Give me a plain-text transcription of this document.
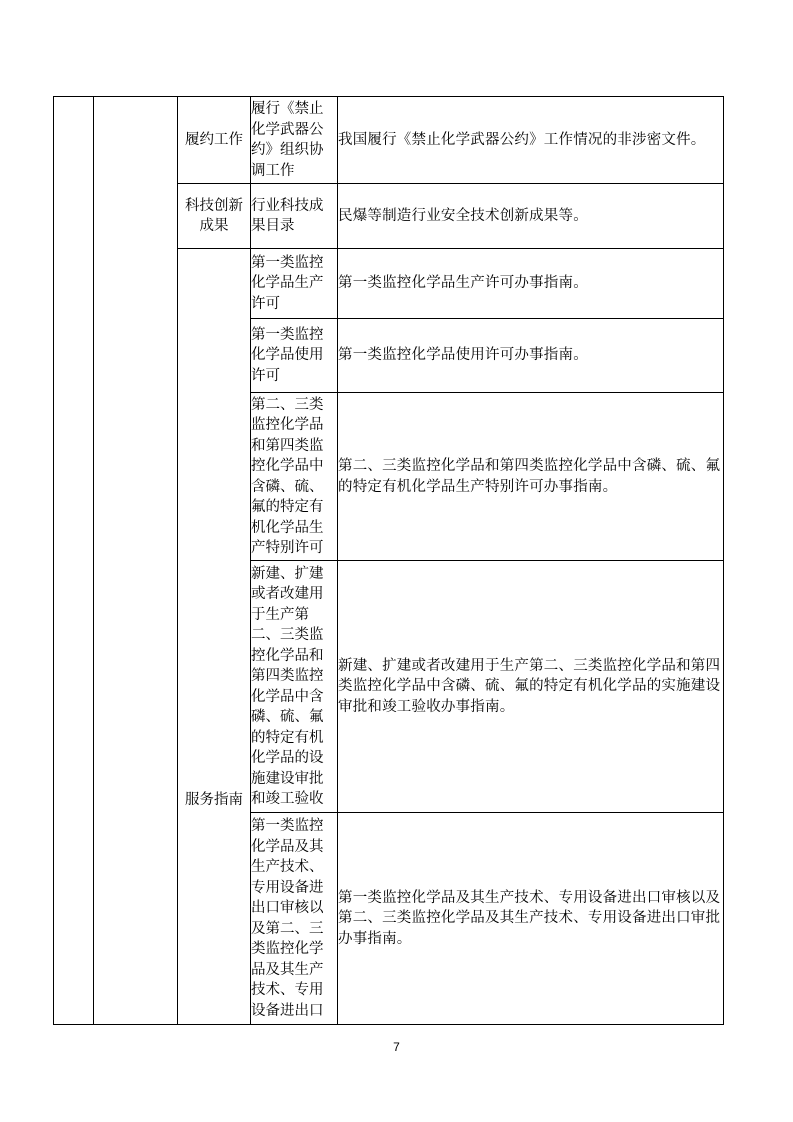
		履约工作	履行《禁止化学武器公约》组织协调工作	我国履行《禁止化学武器公约》工作情况的非涉密文件。
		科技创新成果	行业科技成果目录	民爆等制造行业安全技术创新成果等。
		服务指南	第一类监控化学品生产许可	第一类监控化学品生产许可办事指南。
			第一类监控化学品使用许可	第一类监控化学品使用许可办事指南。
			第二、三类监控化学品和第四类监控化学品中含磷、硫、氟的特定有机化学品生产特别许可	第二、三类监控化学品和第四类监控化学品中含磷、硫、氟的特定有机化学品生产特别许可办事指南。
			新建、扩建或者改建用于生产第二、三类监控化学品和第四类监控化学品中含磷、硫、氟的特定有机化学品的设施建设审批和竣工验收	新建、扩建或者改建用于生产第二、三类监控化学品和第四类监控化学品中含磷、硫、氟的特定有机化学品的实施建设审批和竣工验收办事指南。
			第一类监控化学品及其生产技术、专用设备进出口审核以及第二、三类监控化学品及其生产技术、专用设备进出口	第一类监控化学品及其生产技术、专用设备进出口审核以及第二、三类监控化学品及其生产技术、专用设备进出口审批办事指南。
7
